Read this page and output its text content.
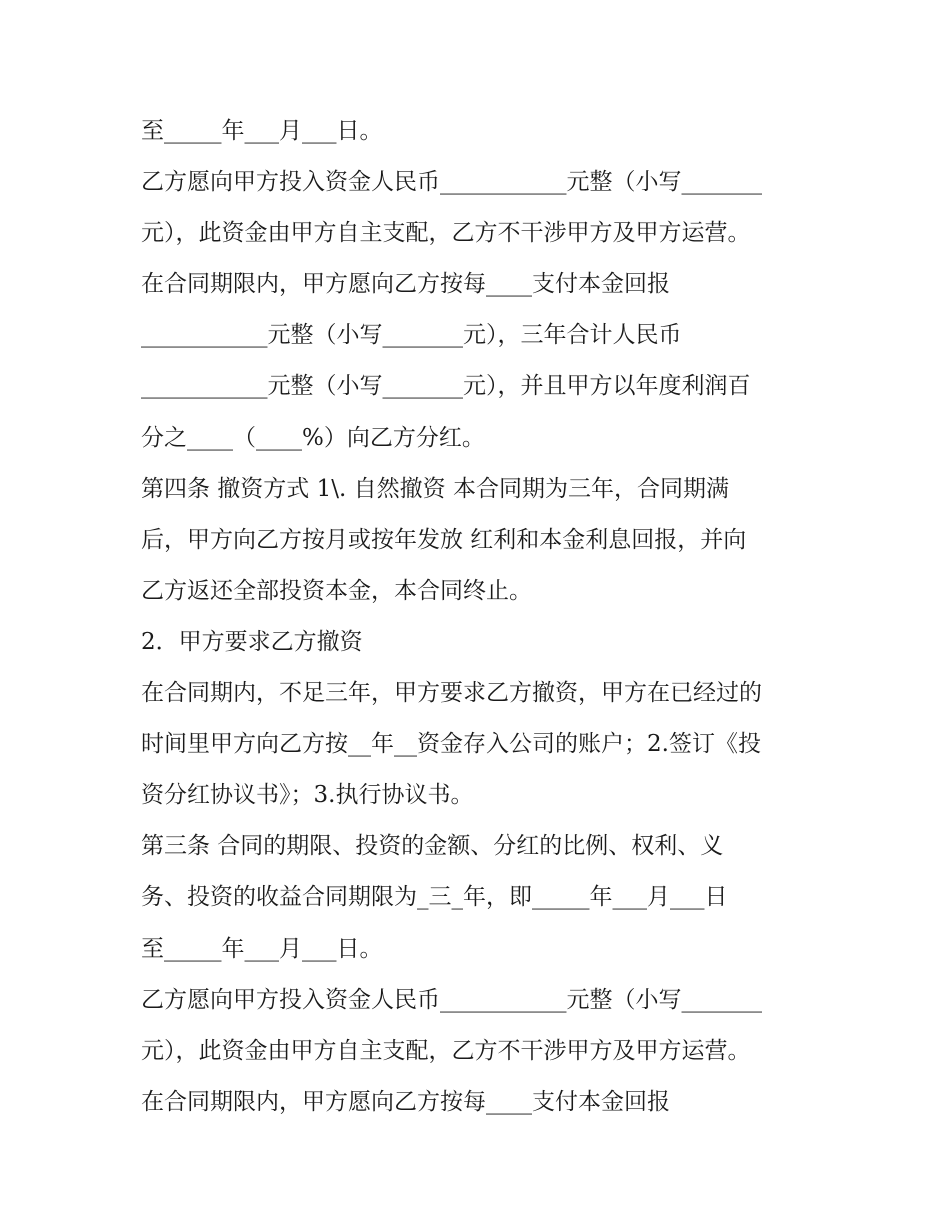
至_____年___月___日。
乙方愿向甲方投入资金人民币___________元整（小写_______
元），此资金由甲方自主支配，乙方不干涉甲方及甲方运营。
在合同期限内，甲方愿向乙方按每____支付本金回报
___________元整（小写_______元），三年合计人民币
___________元整（小写_______元），并且甲方以年度利润百
分之____（____%）向乙方分红。
第四条 撤资方式 1\. 自然撤资 本合同期为三年，合同期满
后，甲方向乙方按月或按年发放 红利和本金利息回报，并向
乙方返还全部投资本金，本合同终止。
2．甲方要求乙方撤资
在合同期内，不足三年，甲方要求乙方撤资，甲方在已经过的
时间里甲方向乙方按__年__资金存入公司的账户；2.签订《投
资分红协议书》；3.执行协议书。
第三条 合同的期限、投资的金额、分红的比例、权利、义
务、投资的收益合同期限为_三_年，即_____年___月___日
至_____年___月___日。
乙方愿向甲方投入资金人民币___________元整（小写_______
元），此资金由甲方自主支配，乙方不干涉甲方及甲方运营。
在合同期限内，甲方愿向乙方按每____支付本金回报
